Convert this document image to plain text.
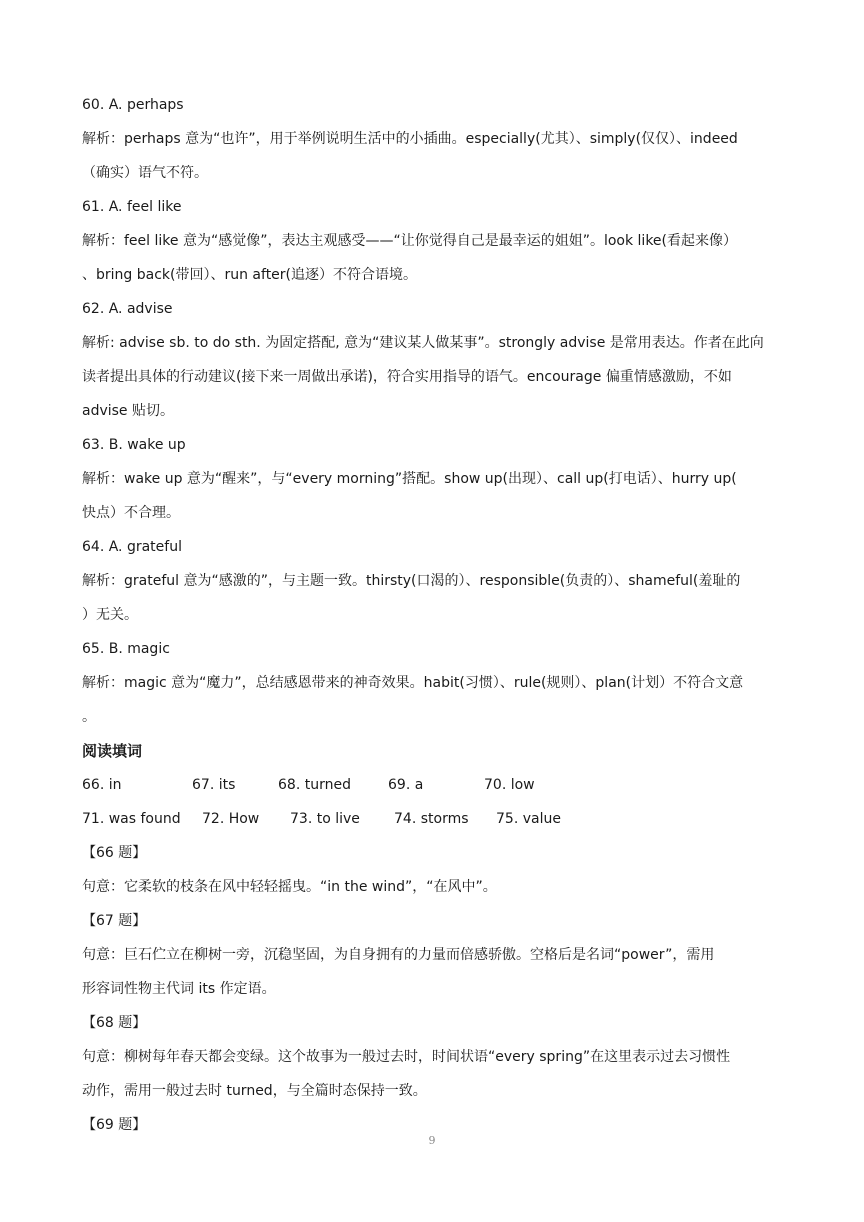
60. A. perhaps
解析：perhaps 意为“也许”，用于举例说明生活中的小插曲。especially(尤其）、simply(仅仅）、indeed
（确实）语气不符。
61. A. feel like
解析：feel like 意为“感觉像”，表达主观感受——“让你觉得自己是最幸运的姐姐”。look like(看起来像）
、bring back(带回）、run after(追逐）不符合语境。
62. A. advise
解析: advise sb. to do sth. 为固定搭配, 意为“建议某人做某事”。strongly advise 是常用表达。作者在此向
读者提出具体的行动建议(接下来一周做出承诺)，符合实用指导的语气。encourage 偏重情感激励，不如
advise 贴切。
63. B. wake up
解析：wake up 意为“醒来”，与“every morning”搭配。show up(出现）、call up(打电话）、hurry up(
快点）不合理。
64. A. grateful
解析：grateful 意为“感激的”，与主题一致。thirsty(口渴的）、responsible(负责的）、shameful(羞耻的
）无关。
65. B. magic
解析：magic 意为“魔力”，总结感恩带来的神奇效果。habit(习惯）、rule(规则）、plan(计划）不符合文意
。
阅读填词
66. in	67. its	68. turned	69. a	70. low
71. was found	72. How	73. to live	74. storms	75. value
【66 题】
句意：它柔软的枝条在风中轻轻摇曳。“in the wind”，“在风中”。
【67 题】
句意：巨石伫立在柳树一旁，沉稳坚固，为自身拥有的力量而倍感骄傲。空格后是名词“power”，需用
形容词性物主代词 its 作定语。
【68 题】
句意：柳树每年春天都会变绿。这个故事为一般过去时，时间状语“every spring”在这里表示过去习惯性
动作，需用一般过去时 turned，与全篇时态保持一致。
【69 题】
9
